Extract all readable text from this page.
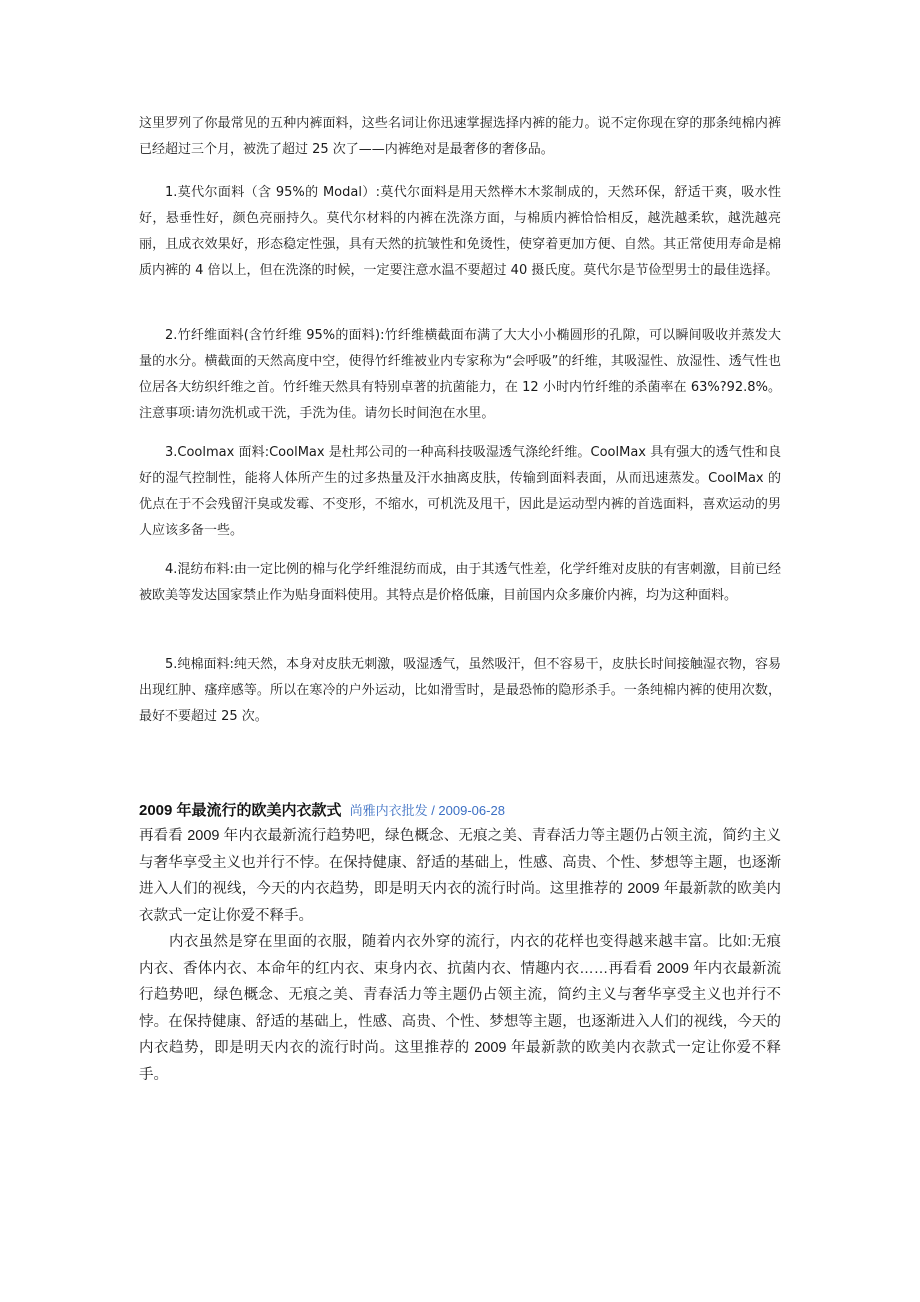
这里罗列了你最常见的五种内裤面料，这些名词让你迅速掌握选择内裤的能力。说不定你现在穿的那条纯棉内裤已经超过三个月，被洗了超过 25 次了——内裤绝对是最奢侈的奢侈品。

1.莫代尔面料（含 95%的 Modal）:莫代尔面料是用天然榉木木浆制成的，天然环保，舒适干爽，吸水性好，悬垂性好，颜色亮丽持久。莫代尔材料的内裤在洗涤方面，与棉质内裤恰恰相反，越洗越柔软，越洗越亮丽，且成衣效果好，形态稳定性强，具有天然的抗皱性和免烫性，使穿着更加方便、自然。其正常使用寿命是棉质内裤的 4 倍以上，但在洗涤的时候，一定要注意水温不要超过 40 摄氏度。莫代尔是节俭型男士的最佳选择。

2.竹纤维面料(含竹纤维 95%的面料):竹纤维横截面布满了大大小小椭圆形的孔隙，可以瞬间吸收并蒸发大量的水分。横截面的天然高度中空，使得竹纤维被业内专家称为“会呼吸”的纤维，其吸湿性、放湿性、透气性也位居各大纺织纤维之首。竹纤维天然具有特别卓著的抗菌能力，在 12 小时内竹纤维的杀菌率在 63%?92.8%。注意事项:请勿洗机或干洗，手洗为佳。请勿长时间泡在水里。

3.Coolmax 面料:CoolMax 是杜邦公司的一种高科技吸湿透气涤纶纤维。CoolMax 具有强大的透气性和良好的湿气控制性，能将人体所产生的过多热量及汗水抽离皮肤，传输到面料表面，从而迅速蒸发。CoolMax 的优点在于不会残留汗臭或发霉、不变形，不缩水，可机洗及甩干，因此是运动型内裤的首选面料，喜欢运动的男人应该多备一些。

4.混纺布料:由一定比例的棉与化学纤维混纺而成，由于其透气性差，化学纤维对皮肤的有害刺激，目前已经被欧美等发达国家禁止作为贴身面料使用。其特点是价格低廉，目前国内众多廉价内裤，均为这种面料。

5.纯棉面料:纯天然，本身对皮肤无刺激，吸湿透气，虽然吸汗，但不容易干，皮肤长时间接触湿衣物，容易出现红肿、瘙痒感等。所以在寒冷的户外运动，比如滑雪时，是最恐怖的隐形杀手。一条纯棉内裤的使用次数，最好不要超过 25 次。

2009 年最流行的欧美内衣款式 尚雅内衣批发 / 2009-06-28

再看看 2009 年内衣最新流行趋势吧，绿色概念、无痕之美、青春活力等主题仍占领主流，简约主义与奢华享受主义也并行不悖。在保持健康、舒适的基础上，性感、高贵、个性、梦想等主题，也逐渐进入人们的视线，今天的内衣趋势，即是明天内衣的流行时尚。这里推荐的 2009 年最新款的欧美内衣款式一定让你爱不释手。

内衣虽然是穿在里面的衣服，随着内衣外穿的流行，内衣的花样也变得越来越丰富。比如:无痕内衣、香体内衣、本命年的红内衣、束身内衣、抗菌内衣、情趣内衣……再看看 2009 年内衣最新流行趋势吧，绿色概念、无痕之美、青春活力等主题仍占领主流，简约主义与奢华享受主义也并行不悖。在保持健康、舒适的基础上，性感、高贵、个性、梦想等主题，也逐渐进入人们的视线，今天的内衣趋势，即是明天内衣的流行时尚。这里推荐的 2009 年最新款的欧美内衣款式一定让你爱不释手。
